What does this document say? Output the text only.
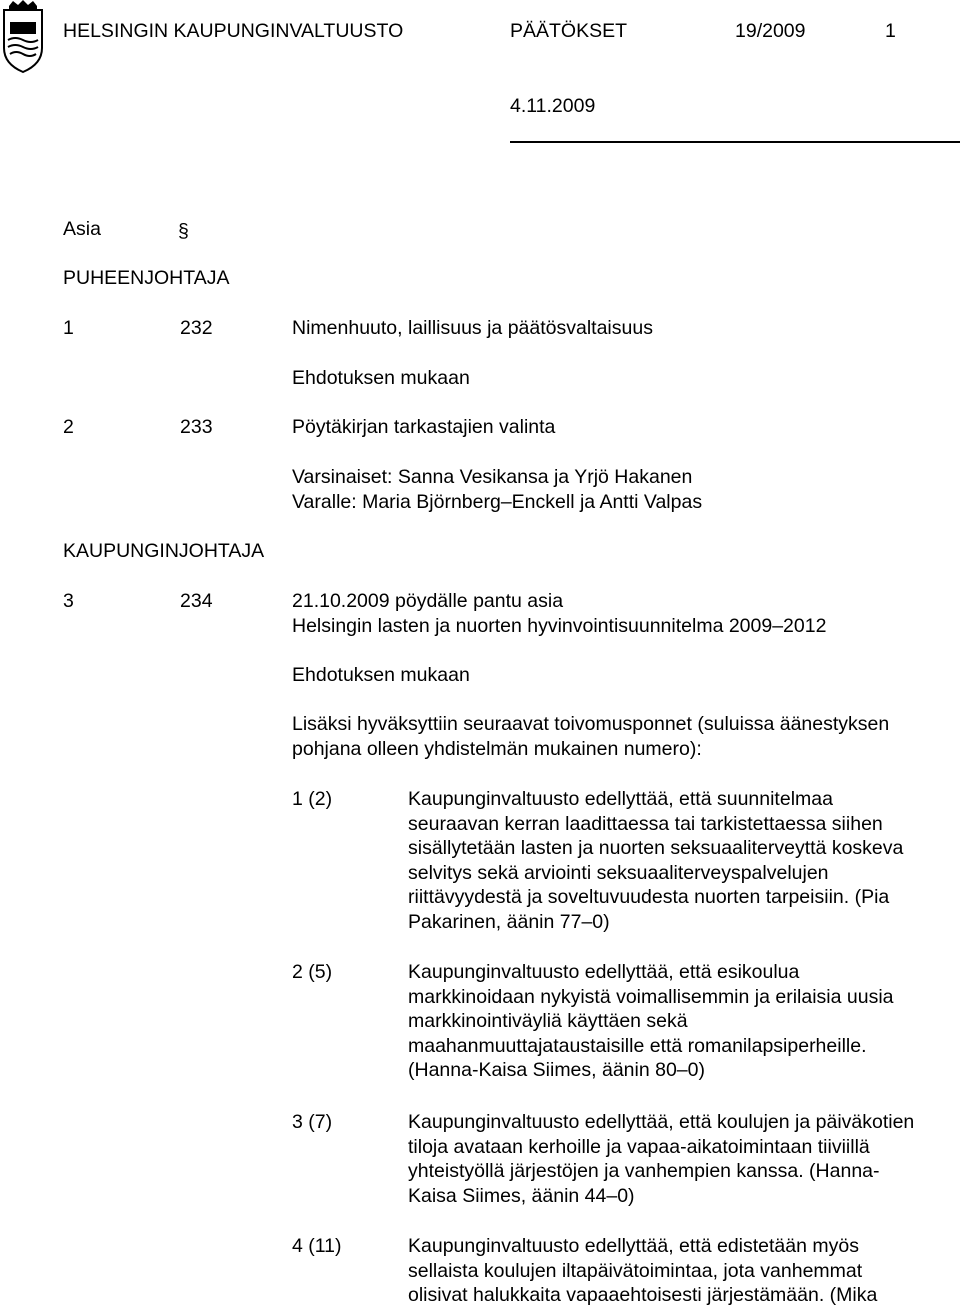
HELSINGIN KAUPUNGINVALTUUSTO	PÄÄTÖKSET	19/2009	1
4.11.2009
Asia	§
PUHEENJOHTAJA
1	232	Nimenhuuto, laillisuus ja päätösvaltaisuus
Ehdotuksen mukaan
2	233	Pöytäkirjan tarkastajien valinta
Varsinaiset: Sanna Vesikansa ja Yrjö Hakanen
Varalle: Maria Björnberg–Enckell ja Antti Valpas
KAUPUNGINJOHTAJA
3	234	21.10.2009 pöydälle pantu asia
Helsingin lasten ja nuorten hyvinvointisuunnitelma 2009–2012
Ehdotuksen mukaan
Lisäksi hyväksyttiin seuraavat toivomusponnet (suluissa äänestyksen
pohjana olleen yhdistelmän mukainen numero):
1 (2)	Kaupunginvaltuusto edellyttää, että suunnitelmaa
seuraavan kerran laadittaessa tai tarkistettaessa siihen
sisällytetään lasten ja nuorten seksuaaliterveyttä koskeva
selvitys sekä arviointi seksuaaliterveyspalvelujen
riittävyydestä ja soveltuvuudesta nuorten tarpeisiin. (Pia
Pakarinen, äänin 77–0)
2 (5)	Kaupunginvaltuusto edellyttää, että esikoulua
markkinoidaan nykyistä voimallisemmin ja erilaisia uusia
markkinointiväyliä käyttäen sekä
maahanmuuttajataustaisille että romanilapsiperheille.
(Hanna-Kaisa Siimes, äänin 80–0)
3 (7)	Kaupunginvaltuusto edellyttää, että koulujen ja päiväkotien
tiloja avataan kerhoille ja vapaa-aikatoimintaan tiiviillä
yhteistyöllä järjestöjen ja vanhempien kanssa. (Hanna-
Kaisa Siimes, äänin 44–0)
4 (11)	Kaupunginvaltuusto edellyttää, että edistetään myös
sellaista koulujen iltapäivätoimintaa, jota vanhemmat
olisivat halukkaita vapaaehtoisesti järjestämään. (Mika
